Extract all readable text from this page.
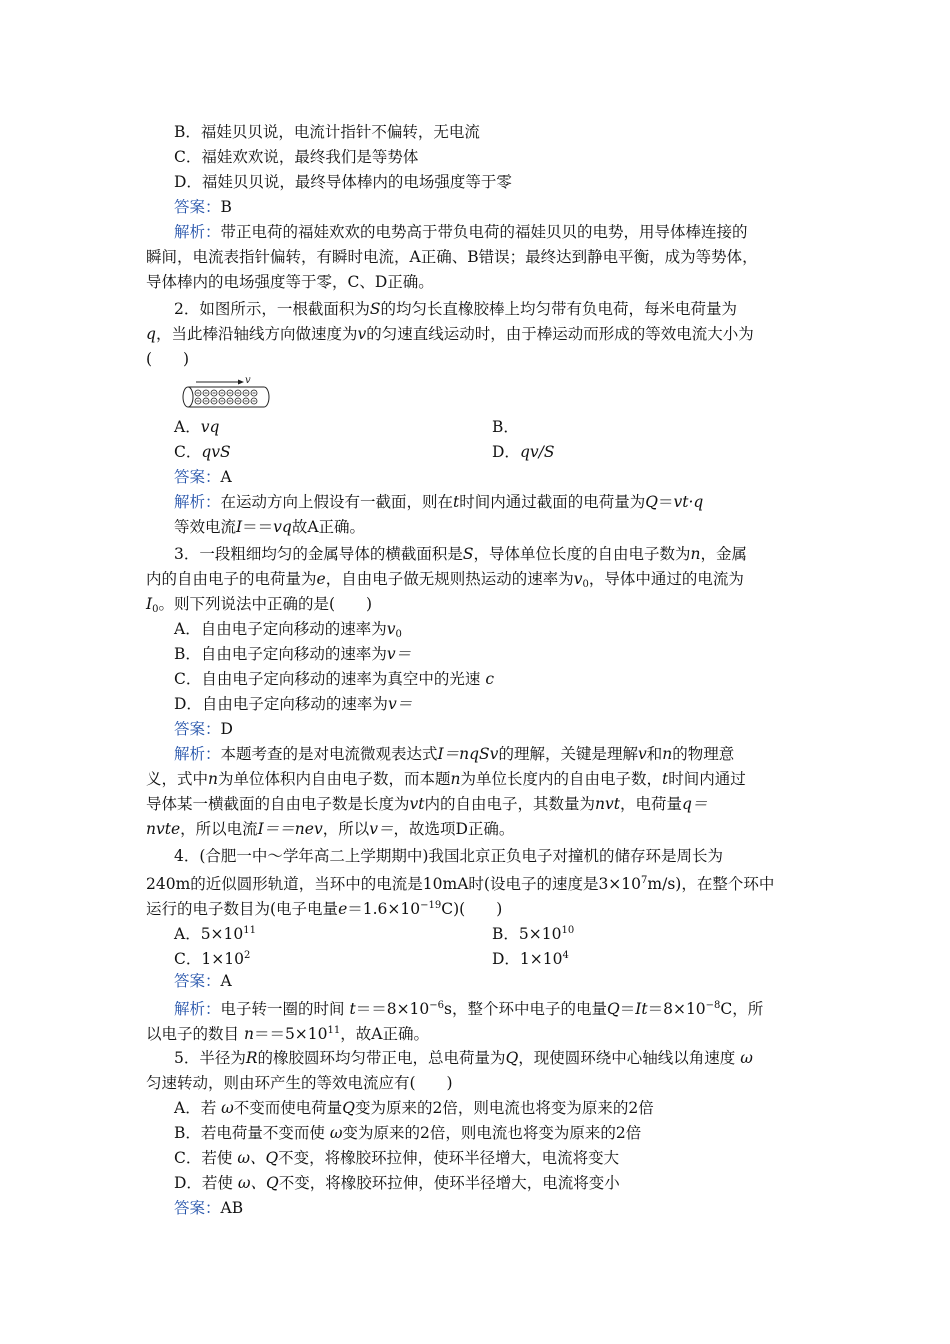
B．福娃贝贝说，电流计指针不偏转，无电流
C．福娃欢欢说，最终我们是等势体
D．福娃贝贝说，最终导体棒内的电场强度等于零
答案：B
解析：带正电荷的福娃欢欢的电势高于带负电荷的福娃贝贝的电势，用导体棒连接的
瞬间，电流表指针偏转，有瞬时电流，A正确、B错误；最终达到静电平衡，成为等势体，
导体棒内的电场强度等于零，C、D正确。
2．如图所示，一根截面积为S的均匀长直橡胶棒上均匀带有负电荷，每米电荷量为
q，当此棒沿轴线方向做速度为v的匀速直线运动时，由于棒运动而形成的等效电流大小为
(　　)
v
A．vq	B．
C．qvS	D．qv/S
答案：A
解析：在运动方向上假设有一截面，则在t时间内通过截面的电荷量为Q＝vt·q
等效电流I＝＝vq故A正确。
3．一段粗细均匀的金属导体的横截面积是S，导体单位长度的自由电子数为n，金属
内的自由电子的电荷量为e，自由电子做无规则热运动的速率为$v_0$，导体中通过的电流为
$I_0$。则下列说法中正确的是(　　)
A．自由电子定向移动的速率为$v_0$
B．自由电子定向移动的速率为v＝
C．自由电子定向移动的速率为真空中的光速 c
D．自由电子定向移动的速率为v＝
答案：D
解析：本题考查的是对电流微观表达式I＝nqSv的理解，关键是理解v和n的物理意
义，式中n为单位体积内自由电子数，而本题n为单位长度内的自由电子数，t时间内通过
导体某一横截面的自由电子数是长度为vt内的自由电子，其数量为nvt，电荷量q＝
nvte，所以电流I＝＝nev，所以v＝，故选项D正确。
4．(合肥一中～学年高二上学期期中)我国北京正负电子对撞机的储存环是周长为
240m的近似圆形轨道，当环中的电流是10mA时(设电子的速度是$3\times 10^7m/s$)，在整个环中
运行的电子数目为(电子电量$e=1.6\times 10^{-19}C$)(　　)
A．$5\times 10^{11}$	B．$5\times 10^{10}$
C．$1\times 10^2$	D．$1\times 10^4$
答案：A
解析：电子转一圈的时间 $t==8\times 10^{-6}s$，整个环中电子的电量$Q=It=8\times 10^{-8}C$，所
以电子的数目 $n==5\times 10^{11}$，故A正确。
5．半径为R的橡胶圆环均匀带正电，总电荷量为Q，现使圆环绕中心轴线以角速度 ω
匀速转动，则由环产生的等效电流应有(　　)
A．若 ω不变而使电荷量Q变为原来的2倍，则电流也将变为原来的2倍
B．若电荷量不变而使 ω变为原来的2倍，则电流也将变为原来的2倍
C．若使 ω、Q不变，将橡胶环拉伸，使环半径增大，电流将变大
D．若使 ω、Q不变，将橡胶环拉伸，使环半径增大，电流将变小
答案：AB
